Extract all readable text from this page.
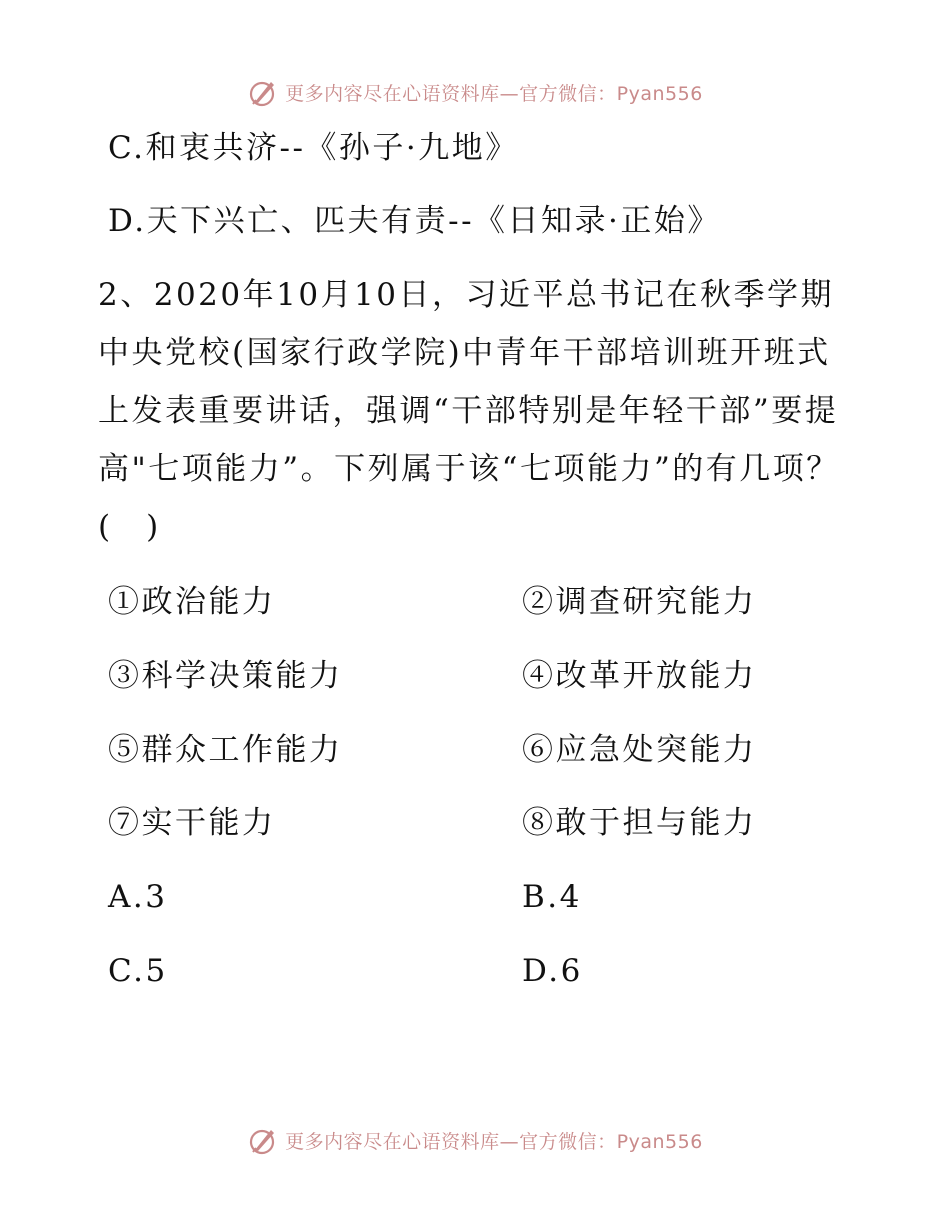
更多内容尽在心语资料库—官方微信：Pyan556
C.和衷共济--《孙子·九地》
D.天下兴亡、匹夫有责--《日知录·正始》
2、2020年10月10日，习近平总书记在秋季学期中央党校(国家行政学院)中青年干部培训班开班式上发表重要讲话，强调“干部特别是年轻干部”要提高"七项能力”。下列属于该“七项能力”的有几项？(　)
①政治能力	②调查研究能力
③科学决策能力	④改革开放能力
⑤群众工作能力	⑥应急处突能力
⑦实干能力	⑧敢于担与能力
A.3	B.4
C.5	D.6
更多内容尽在心语资料库—官方微信：Pyan556
